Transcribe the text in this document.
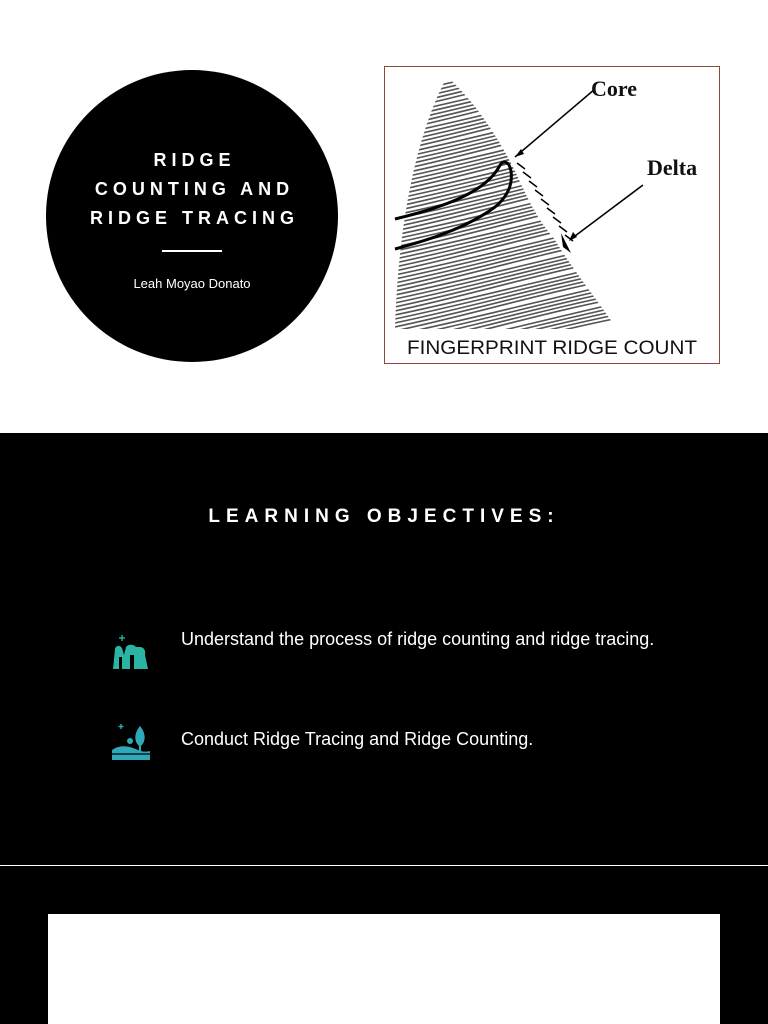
RIDGE
COUNTING AND
RIDGE TRACING
Leah Moyao Donato
Core
Delta
FINGERPRINT RIDGE COUNT
LEARNING OBJECTIVES:
Understand the process of ridge counting and ridge tracing.
Conduct Ridge Tracing and Ridge Counting.
